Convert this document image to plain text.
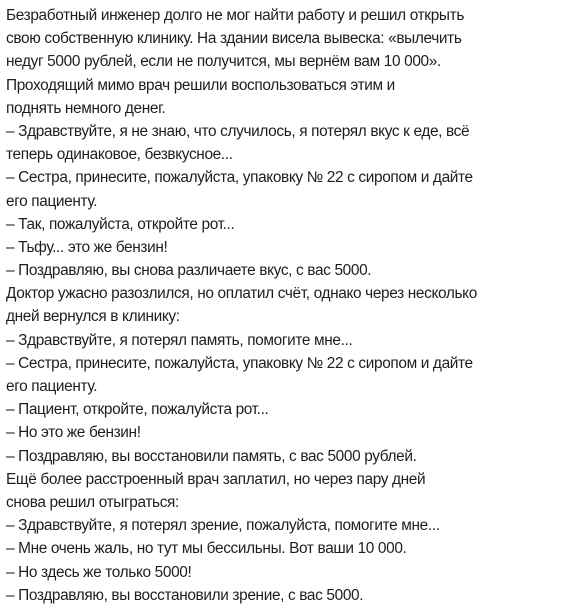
Безработный инженер долго не мог найти работу и решил открыть
свою собственную клинику. На здании висела вывеска: «вылечить
недуг 5000 рублей, если не получится, мы вернём вам 10 000».
Проходящий мимо врач решили воспользоваться этим и
поднять немного денег.
– Здравствуйте, я не знаю, что случилось, я потерял вкус к еде, всё
теперь одинаковое, безвкусное...
– Сестра, принесите, пожалуйста, упаковку № 22 с сиропом и дайте
его пациенту.
– Так, пожалуйста, откройте рот...
– Тьфу... это же бензин!
– Поздравляю, вы снова различаете вкус, с вас 5000.
Доктор ужасно разозлился, но оплатил счёт, однако через несколько
дней вернулся в клинику:
– Здравствуйте, я потерял память, помогите мне...
– Сестра, принесите, пожалуйста, упаковку № 22 с сиропом и дайте
его пациенту.
– Пациент, откройте, пожалуйста рот...
– Но это же бензин!
– Поздравляю, вы восстановили память, с вас 5000 рублей.
Ещё более расстроенный врач заплатил, но через пару дней
снова решил отыграться:
– Здравствуйте, я потерял зрение, пожалуйста, помогите мне...
– Мне очень жаль, но тут мы бессильны. Вот ваши 10 000.
– Но здесь же только 5000!
– Поздравляю, вы восстановили зрение, с вас 5000.
